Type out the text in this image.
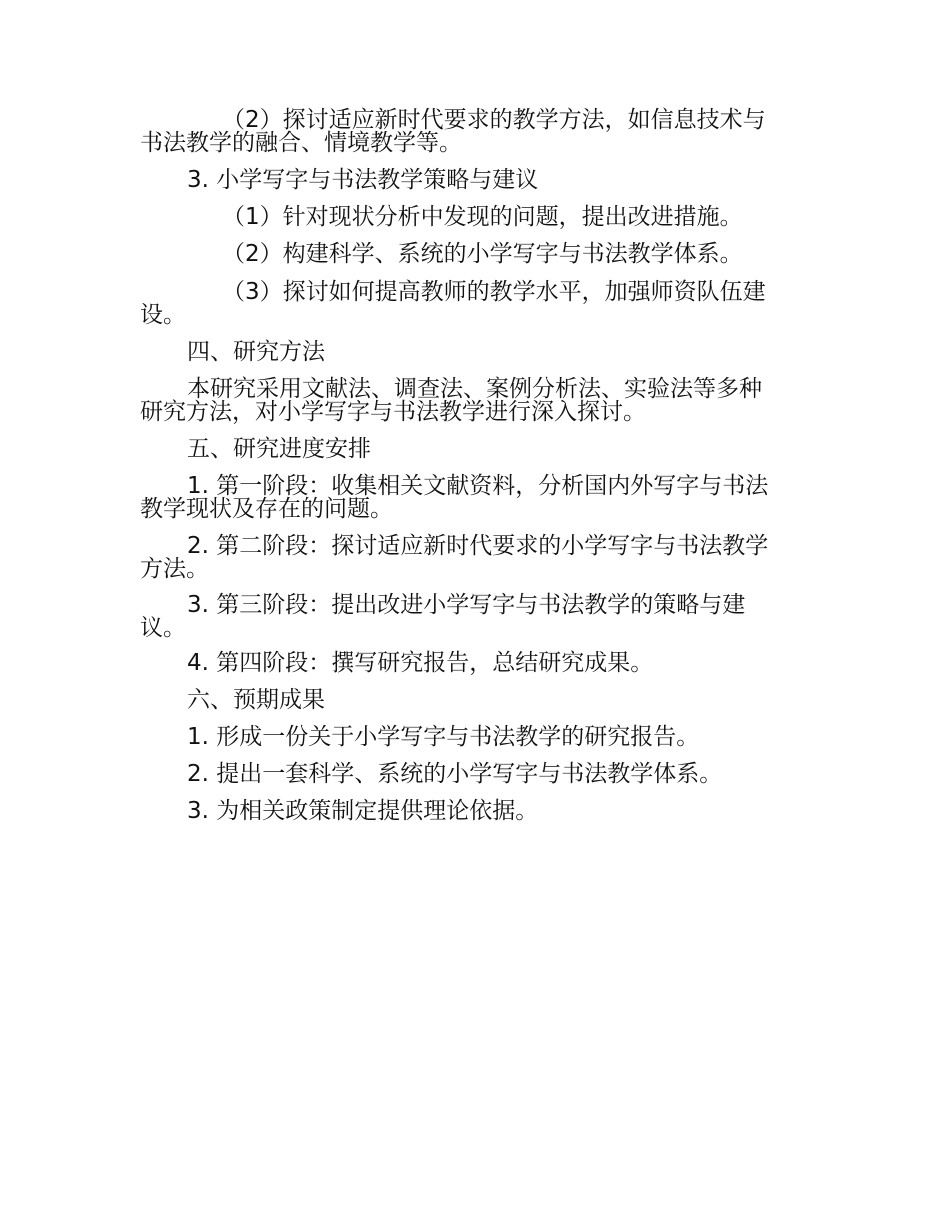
（2）探讨适应新时代要求的教学方法，如信息技术与
书法教学的融合、情境教学等。
3. 小学写字与书法教学策略与建议
（1）针对现状分析中发现的问题，提出改进措施。
（2）构建科学、系统的小学写字与书法教学体系。
（3）探讨如何提高教师的教学水平，加强师资队伍建
设。
四、研究方法
本研究采用文献法、调查法、案例分析法、实验法等多种
研究方法，对小学写字与书法教学进行深入探讨。
五、研究进度安排
1. 第一阶段：收集相关文献资料，分析国内外写字与书法
教学现状及存在的问题。
2. 第二阶段：探讨适应新时代要求的小学写字与书法教学
方法。
3. 第三阶段：提出改进小学写字与书法教学的策略与建
议。
4. 第四阶段：撰写研究报告，总结研究成果。
六、预期成果
1. 形成一份关于小学写字与书法教学的研究报告。
2. 提出一套科学、系统的小学写字与书法教学体系。
3. 为相关政策制定提供理论依据。
